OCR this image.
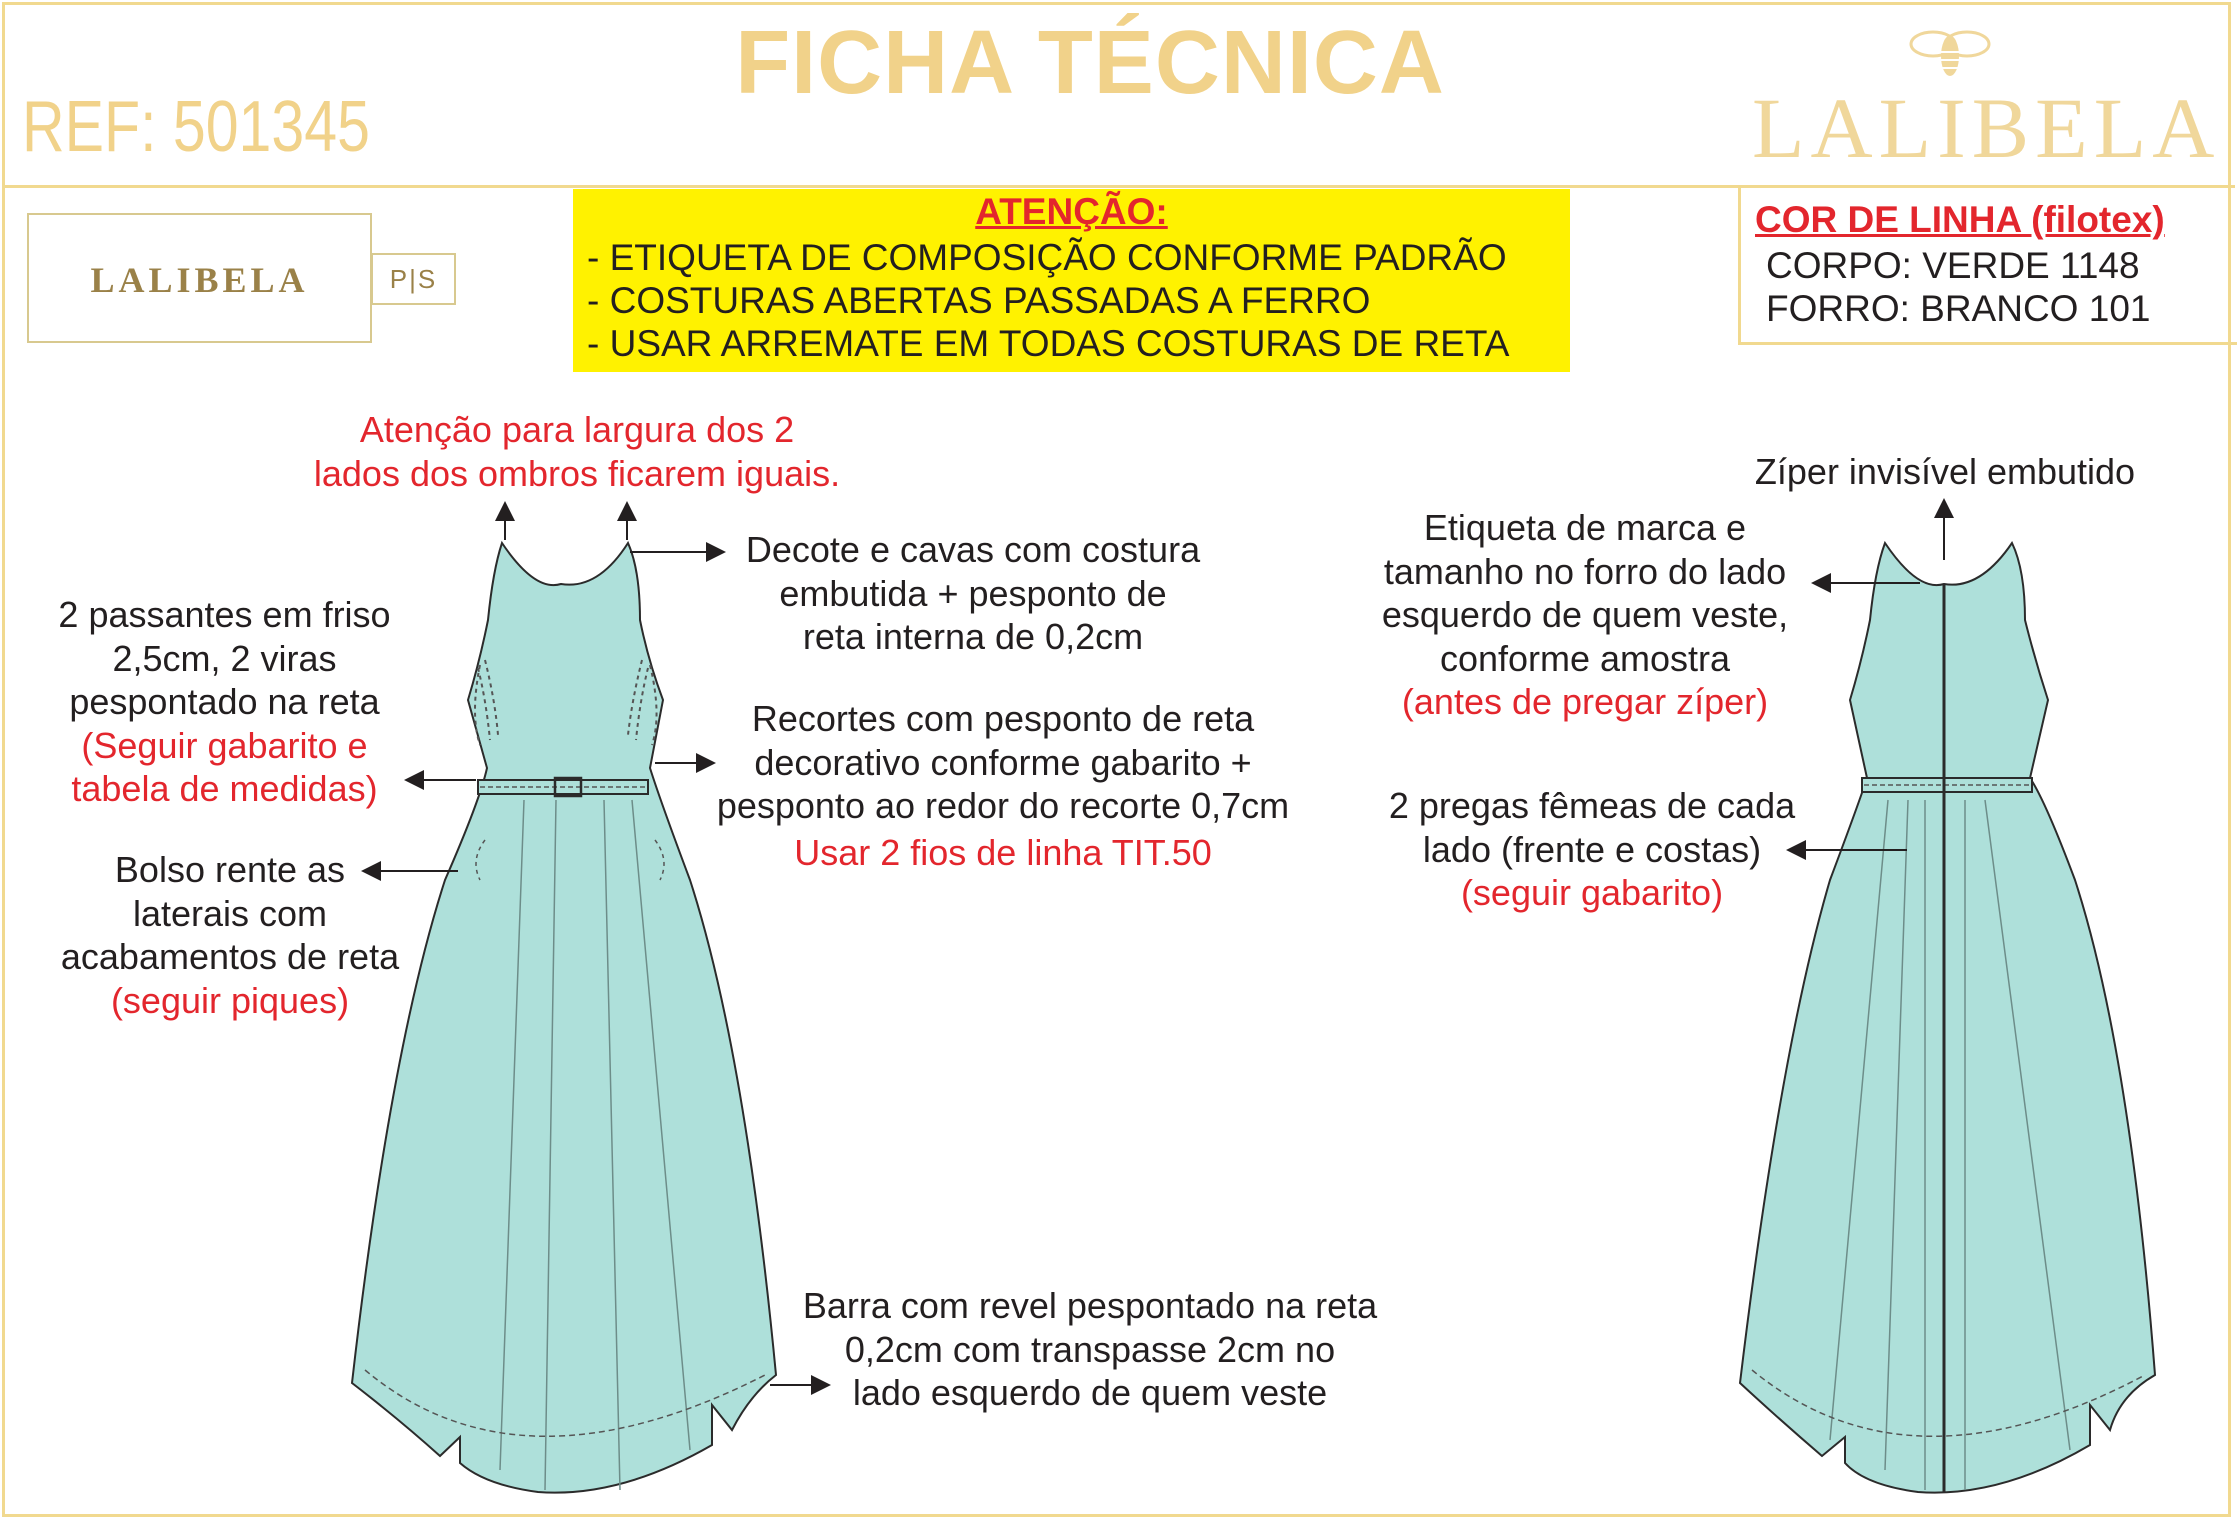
FICHA TÉCNICA
REF: 501345	LALIBELA
LALIBELA	P|S
ATENÇÃO:
- ETIQUETA DE COMPOSIÇÃO CONFORME PADRÃO
- COSTURAS ABERTAS PASSADAS A FERRO
- USAR ARREMATE EM TODAS COSTURAS DE RETA
COR DE LINHA (filotex)
CORPO: VERDE 1148
FORRO: BRANCO 101
Atenção para largura dos 2
lados dos ombros ficarem iguais.
Decote e cavas com costura
embutida + pesponto de
reta interna de 0,2cm
2 passantes em friso
2,5cm, 2 viras
pespontado na reta
(Seguir gabarito e
tabela de medidas)
Recortes com pesponto de reta
decorativo conforme gabarito +
pesponto ao redor do recorte 0,7cm
Usar 2 fios de linha TIT.50
Bolso rente as
laterais com
acabamentos de reta
(seguir piques)
Barra com revel pespontado na reta
0,2cm com transpasse 2cm no
lado esquerdo de quem veste
Zíper invisível embutido
Etiqueta de marca e
tamanho no forro do lado
esquerdo de quem veste,
conforme amostra
(antes de pregar zíper)
2 pregas fêmeas de cada
lado (frente e costas)
(seguir gabarito)
